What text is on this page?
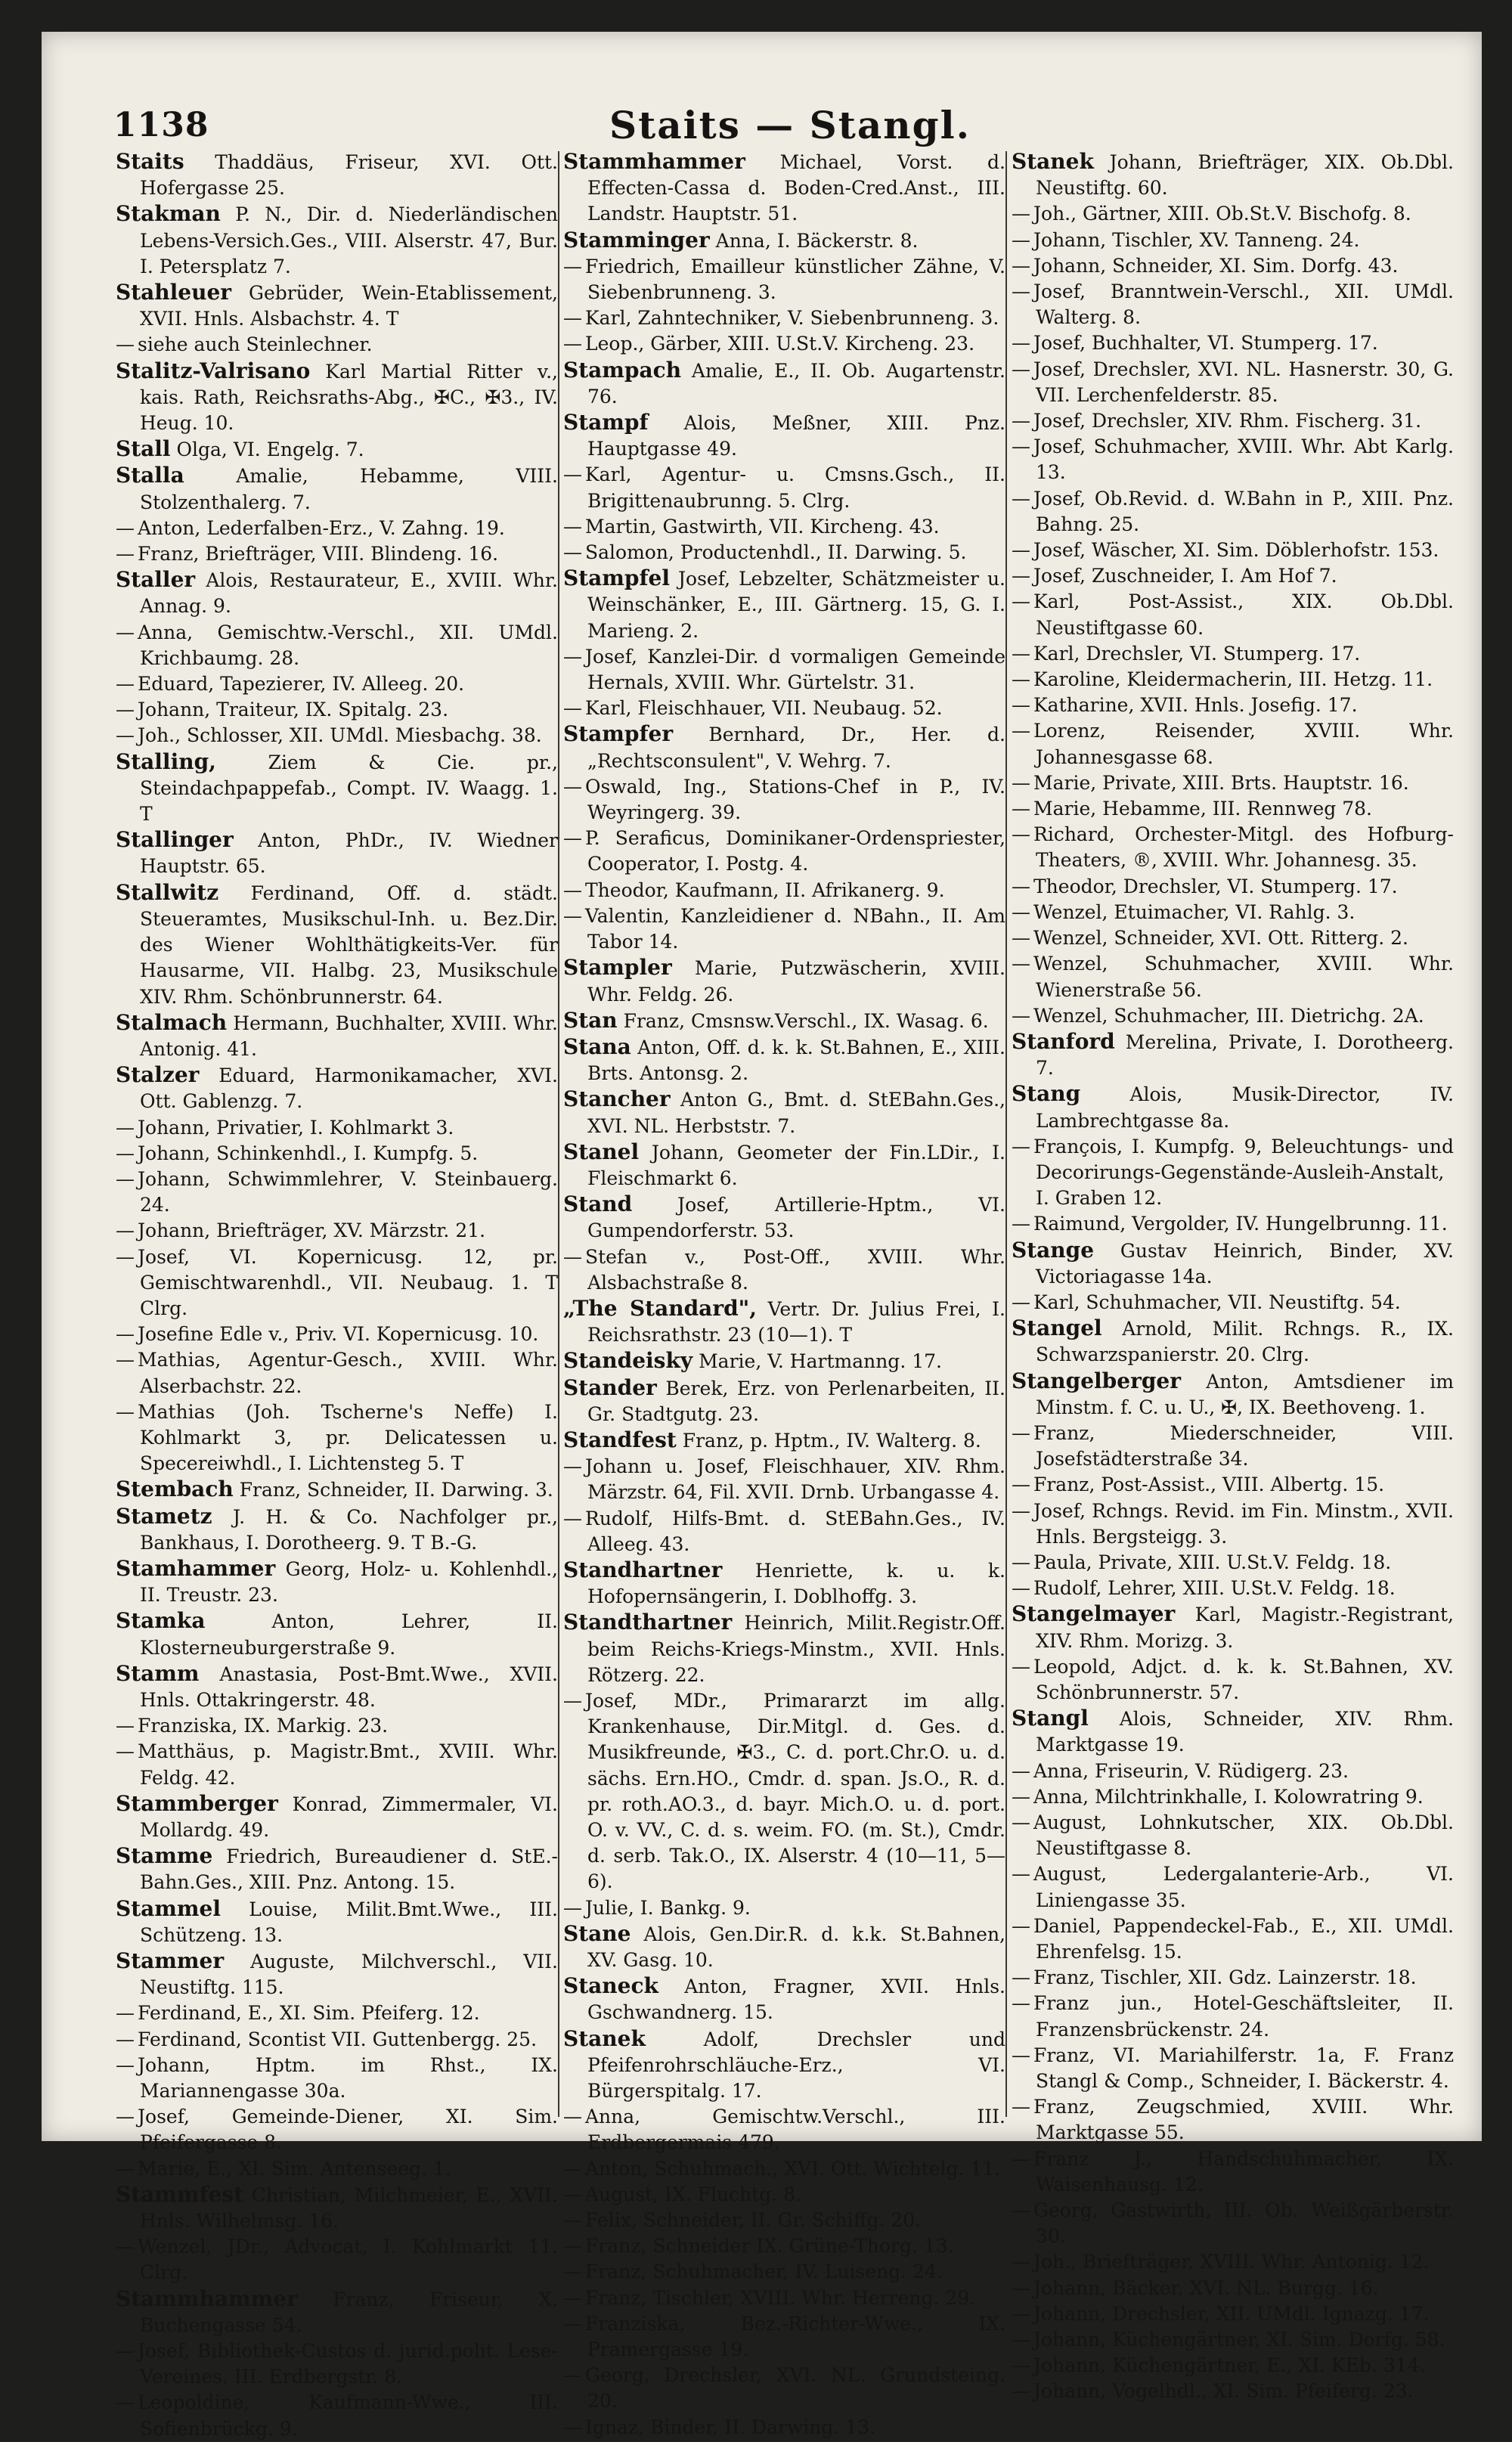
1138	Staits — Stangl.
Staits Thaddäus, Friseur, XVI. Ott. Hofergasse 25.
Stakman P. N., Dir. d. Niederländischen Lebens-Versich.Ges., VIII. Alserstr. 47, Bur. I. Petersplatz 7.
Stahleuer Gebrüder, Wein-Etablissement, XVII. Hnls. Alsbachstr. 4. T
— siehe auch Steinlechner.
Stalitz-Valrisano Karl Martial Ritter v., kais. Rath, Reichsraths-Abg., ✠C., ✠3., IV. Heug. 10.
Stall Olga, VI. Engelg. 7.
Stalla	Amalie, Hebamme, VIII. Stolzenthalerg. 7.
— Anton, Lederfalben-Erz., V. Zahng. 19.
— Franz, Briefträger, VIII. Blindeng. 16.
Staller Alois, Restaurateur, E., XVIII. Whr. Annag. 9.
— Anna, Gemischtw.-Verschl., XII. UMdl. Krichbaumg. 28.
— Eduard, Tapezierer, IV. Alleeg. 20.
— Johann, Traiteur, IX. Spitalg. 23.
— Joh., Schlosser, XII. UMdl. Miesbachg. 38.
Stalling,	Ziem & Cie. pr., Steindachpappefab., Compt. IV. Waagg. 1. T
Stallinger Anton, PhDr., IV. Wiedner Hauptstr. 65.
Stallwitz Ferdinand, Off. d. städt. Steueramtes, Musikschul-Inh. u. Bez.Dir. des Wiener Wohlthätigkeits-Ver. für Hausarme, VII. Halbg. 23, Musikschule XIV. Rhm. Schönbrunnerstr. 64.
Stalmach Hermann, Buchhalter, XVIII. Whr. Antonig. 41.
Stalzer Eduard, Harmonikamacher, XVI. Ott. Gablenzg. 7.
— Johann, Privatier, I. Kohlmarkt 3.
— Johann, Schinkenhdl., I. Kumpfg. 5.
— Johann, Schwimmlehrer, V. Steinbauerg. 24.
— Johann, Briefträger, XV. Märzstr. 21.
— Josef, VI. Kopernicusg. 12, pr. Gemischtwarenhdl., VII. Neubaug. 1. T Clrg.
— Josefine Edle v., Priv. VI. Kopernicusg. 10.
— Mathias, Agentur-Gesch., XVIII. Whr. Alserbachstr. 22.
— Mathias (Joh. Tscherne's Neffe) I. Kohlmarkt 3, pr. Delicatessen u. Specereiwhdl., I. Lichtensteg 5. T
Stembach Franz, Schneider, II. Darwing. 3.
Stametz J. H. & Co. Nachfolger pr., Bankhaus, I. Dorotheerg. 9. T B.-G.
Stamhammer Georg, Holz- u. Kohlenhdl., II. Treustr. 23.
Stamka	Anton, Lehrer, II. Klosterneuburgerstraße 9.
Stamm Anastasia, Post-Bmt.Wwe., XVII. Hnls. Ottakringerstr. 48.
— Franziska, IX. Markig. 23.
— Matthäus, p. Magistr.Bmt., XVIII. Whr. Feldg. 42.
Stammberger Konrad, Zimmermaler, VI. Mollardg. 49.
Stamme Friedrich, Bureaudiener d. StE.-Bahn.Ges., XIII. Pnz. Antong. 15.
Stammel Louise, Milit.Bmt.Wwe., III. Schützeng. 13.
Stammer Auguste, Milchverschl., VII. Neustiftg. 115.
— Ferdinand, E., XI. Sim. Pfeiferg. 12.
— Ferdinand, Scontist VII. Guttenbergg. 25.
— Johann, Hptm. im Rhst., IX. Mariannengasse 30a.
— Josef, Gemeinde-Diener, XI. Sim. Pfeifergasse 8.
— Marie, E., XI. Sim. Antenseeg. 1.
Stammfest Christian, Milchmeier, E., XVII. Hnls. Wilhelmsg. 16.
— Wenzel, JDr., Advocat, I. Kohlmarkt 11. Clrg.
Stammhammer Franz, Friseur, X. Buchengasse 54.
— Josef, Bibliothek-Custos d. jurid.polit. Lese-Vereines, III. Erdbergstr. 8.
— Leopoldine, Kaufmann-Wwe., III. Sofienbrückg. 9.
Stammhammer Michael, Vorst. d. Effecten-Cassa d. Boden-Cred.Anst., III. Landstr. Hauptstr. 51.
Stamminger Anna, I. Bäckerstr. 8.
— Friedrich, Emailleur künstlicher Zähne, V. Siebenbrunneng. 3.
— Karl, Zahntechniker, V. Siebenbrunneng. 3.
— Leop., Gärber, XIII. U.St.V. Kircheng. 23.
Stampach Amalie, E., II. Ob. Augartenstr. 76.
Stampf Alois, Meßner, XIII. Pnz. Hauptgasse 49.
— Karl, Agentur- u. Cmsns.Gsch., II. Brigittenaubrunng. 5. Clrg.
— Martin, Gastwirth, VII. Kircheng. 43.
— Salomon, Productenhdl., II. Darwing. 5.
Stampfel Josef, Lebzelter, Schätzmeister u. Weinschänker, E., III. Gärtnerg. 15, G. I. Marieng. 2.
— Josef, Kanzlei-Dir. d vormaligen Gemeinde Hernals, XVIII. Whr. Gürtelstr. 31.
— Karl, Fleischhauer, VII. Neubaug. 52.
Stampfer Bernhard, Dr., Her. d. „Rechtsconsulent", V. Wehrg. 7.
— Oswald, Ing., Stations-Chef in P., IV. Weyringerg. 39.
— P. Seraficus, Dominikaner-Ordenspriester, Cooperator, I. Postg. 4.
— Theodor, Kaufmann, II. Afrikanerg. 9.
— Valentin, Kanzleidiener d. NBahn., II. Am Tabor 14.
Stampler Marie, Putzwäscherin, XVIII. Whr. Feldg. 26.
Stan Franz, Cmsnsw.Verschl., IX. Wasag. 6.
Stana Anton, Off. d. k. k. St.Bahnen, E., XIII. Brts. Antonsg. 2.
Stancher Anton G., Bmt. d. StEBahn.Ges., XVI. NL. Herbststr. 7.
Stanel Johann, Geometer der Fin.LDir., I. Fleischmarkt 6.
Stand Josef, Artillerie-Hptm., VI. Gumpendorferstr. 53.
— Stefan v., Post-Off., XVIII. Whr. Alsbachstraße 8.
„The Standard", Vertr. Dr. Julius Frei, I. Reichsrathstr. 23 (10—1). T
Standeisky Marie, V. Hartmanng. 17.
Stander Berek, Erz. von Perlenarbeiten, II. Gr. Stadtgutg. 23.
Standfest Franz, p. Hptm., IV. Walterg. 8.
— Johann u. Josef, Fleischhauer, XIV. Rhm. Märzstr. 64, Fil. XVII. Drnb. Urbangasse 4.
— Rudolf, Hilfs-Bmt. d. StEBahn.Ges., IV. Alleeg. 43.
Standhartner Henriette, k. u. k. Hofopernsängerin, I. Doblhoffg. 3.
Standthartner Heinrich, Milit.Registr.Off. beim Reichs-Kriegs-Minstm., XVII. Hnls. Rötzerg. 22.
— Josef, MDr., Primararzt im allg. Krankenhause, Dir.Mitgl. d. Ges. d. Musikfreunde, ✠3., C. d. port.Chr.O. u. d. sächs. Ern.HO., Cmdr. d. span. Js.O., R. d. pr. roth.AO.3., d. bayr. Mich.O. u. d. port. O. v. VV., C. d. s. weim. FO. (m. St.), Cmdr. d. serb. Tak.O., IX. Alserstr. 4 (10—11, 5—6).
— Julie, I. Bankg. 9.
Stane Alois, Gen.Dir.R. d. k.k. St.Bahnen, XV. Gasg. 10.
Staneck Anton, Fragner, XVII. Hnls. Gschwandnerg. 15.
Stanek	Adolf, Drechsler und Pfeifenrohrschläuche-Erz., VI. Bürgerspitalg. 17.
— Anna, Gemischtw.Verschl., III. Erdbergermais 479.
— Anton, Schuhmach., XVI. Ott. Wichtelg. 11.
— August, IX. Fluchtg. 8.
— Felix, Schneider, II. Gr. Schiffg. 20.
— Franz, Schneider IX. Grüne-Thorg. 13.
— Franz, Schuhmacher, IV. Luiseng. 24.
— Franz, Tischler, XVIII. Whr. Herreng. 29.
— Franziska, Bez.-Richter-Wwe., IX. Pramergasse 19.
— Georg, Drechsler, XVI. NL. Grundsteing. 20.
— Ignaz, Binder, II. Darwing. 13.
Stanek Johann, Briefträger, XIX. Ob.Dbl. Neustiftg. 60.
— Joh., Gärtner, XIII. Ob.St.V. Bischofg. 8.
— Johann, Tischler, XV. Tanneng. 24.
— Johann, Schneider, XI. Sim. Dorfg. 43.
— Josef, Branntwein-Verschl., XII. UMdl. Walterg. 8.
— Josef, Buchhalter, VI. Stumperg. 17.
— Josef, Drechsler, XVI. NL. Hasnerstr. 30, G. VII. Lerchenfelderstr. 85.
— Josef, Drechsler, XIV. Rhm. Fischerg. 31.
— Josef, Schuhmacher, XVIII. Whr. Abt Karlg. 13.
— Josef, Ob.Revid. d. W.Bahn in P., XIII. Pnz. Bahng. 25.
— Josef, Wäscher, XI. Sim. Döblerhofstr. 153.
— Josef, Zuschneider, I. Am Hof 7.
— Karl, Post-Assist., XIX. Ob.Dbl. Neustiftgasse 60.
— Karl, Drechsler, VI. Stumperg. 17.
— Karoline, Kleidermacherin, III. Hetzg. 11.
— Katharine, XVII. Hnls. Josefig. 17.
— Lorenz, Reisender, XVIII. Whr. Johannesgasse 68.
— Marie, Private, XIII. Brts. Hauptstr. 16.
— Marie, Hebamme, III. Rennweg 78.
— Richard, Orchester-Mitgl. des Hofburg-Theaters, ®, XVIII. Whr. Johannesg. 35.
— Theodor, Drechsler, VI. Stumperg. 17.
— Wenzel, Etuimacher, VI. Rahlg. 3.
— Wenzel, Schneider, XVI. Ott. Ritterg. 2.
— Wenzel, Schuhmacher, XVIII. Whr. Wienerstraße 56.
— Wenzel, Schuhmacher, III. Dietrichg. 2A.
Stanford Merelina, Private, I. Dorotheerg. 7.
Stang	Alois, Musik-Director, IV. Lambrechtgasse 8a.
— François, I. Kumpfg. 9, Beleuchtungs- und Decorirungs-Gegenstände-Ausleih-Anstalt, I. Graben 12.
— Raimund, Vergolder, IV. Hungelbrunng. 11.
Stange Gustav Heinrich, Binder, XV. Victoriagasse 14a.
— Karl, Schuhmacher, VII. Neustiftg. 54.
Stangel Arnold, Milit. Rchngs. R., IX. Schwarzspanierstr. 20. Clrg.
Stangelberger Anton, Amtsdiener im Minstm. f. C. u. U., ✠, IX. Beethoveng. 1.
— Franz, Miederschneider, VIII. Josefstädterstraße 34.
— Franz, Post-Assist., VIII. Albertg. 15.
— Josef, Rchngs. Revid. im Fin. Minstm., XVII. Hnls. Bergsteigg. 3.
— Paula, Private, XIII. U.St.V. Feldg. 18.
— Rudolf, Lehrer, XIII. U.St.V. Feldg. 18.
Stangelmayer Karl, Magistr.-Registrant, XIV. Rhm. Morizg. 3.
— Leopold, Adjct. d. k. k. St.Bahnen, XV. Schönbrunnerstr. 57.
Stangl Alois, Schneider, XIV. Rhm. Marktgasse 19.
— Anna, Friseurin, V. Rüdigerg. 23.
— Anna, Milchtrinkhalle, I. Kolowratring 9.
— August, Lohnkutscher, XIX. Ob.Dbl. Neustiftgasse 8.
— August, Ledergalanterie-Arb., VI. Liniengasse 35.
— Daniel, Pappendeckel-Fab., E., XII. UMdl. Ehrenfelsg. 15.
— Franz, Tischler, XII. Gdz. Lainzerstr. 18.
— Franz jun., Hotel-Geschäftsleiter, II. Franzensbrückenstr. 24.
— Franz, VI. Mariahilferstr. 1a, F. Franz Stangl & Comp., Schneider, I. Bäckerstr. 4.
— Franz, Zeugschmied, XVIII. Whr. Marktgasse 55.
— Franz J., Handschuhmacher, IX. Waisenhausg. 12.
— Georg, Gastwirth, III. Ob. Weißgärberstr. 30.
— Joh., Briefträger, XVIII. Whr. Antonig. 12.
— Johann, Bäcker, XVI. NL. Burgg. 16.
— Johann, Drechsler, XII. UMdl. Ignazg. 17.
— Johann, Küchengärtner, XI. Sim. Dorfg. 58.
— Johann, Küchengärtner, E., XI. KEb. 314.
— Johann, Vogelhdl., XI. Sim. Pfeiferg. 23.
